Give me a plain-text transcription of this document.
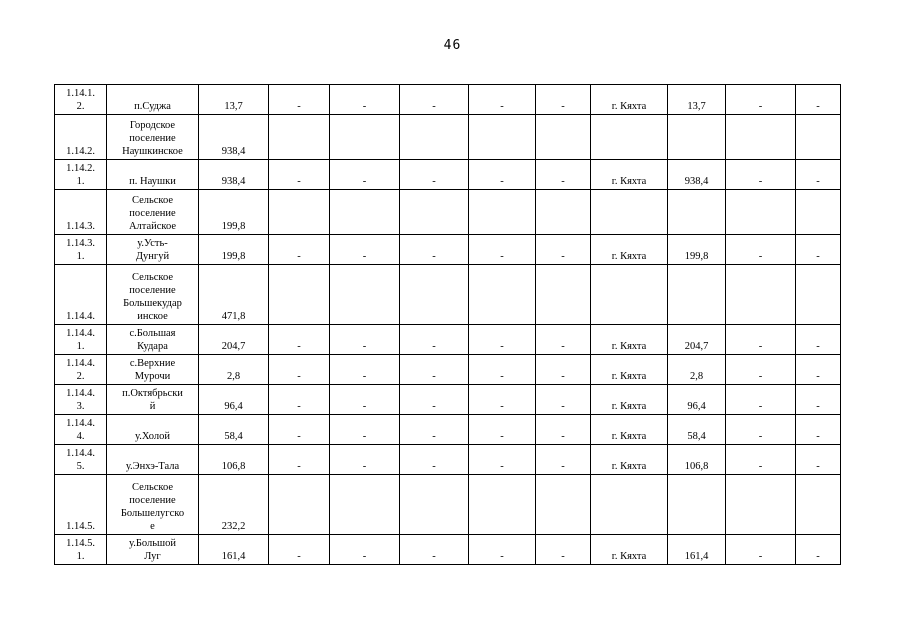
46
1.14.1.
2.	п.Суджа	13,7	-	-	-	-	-	г. Кяхта	13,7	-	-
1.14.2.	Городское
поселение
Наушкинское	938,4									
1.14.2.
1.	п. Наушки	938,4	-	-	-	-	-	г. Кяхта	938,4	-	-
1.14.3.	Сельское
поселение
Алтайское	199,8									
1.14.3.
1.	у.Усть-
Дунгуй	199,8	-	-	-	-	-	г. Кяхта	199,8	-	-
1.14.4.	Сельское
поселение
Большекудар
инское	471,8									
1.14.4.
1.	с.Большая
Кудара	204,7	-	-	-	-	-	г. Кяхта	204,7	-	-
1.14.4.
2.	с.Верхние
Мурочи	2,8	-	-	-	-	-	г. Кяхта	2,8	-	-
1.14.4.
3.	п.Октябрьски
й	96,4	-	-	-	-	-	г. Кяхта	96,4	-	-
1.14.4.
4.	у.Холой	58,4	-	-	-	-	-	г. Кяхта	58,4	-	-
1.14.4.
5.	у.Энхэ-Тала	106,8	-	-	-	-	-	г. Кяхта	106,8	-	-
1.14.5.	Сельское
поселение
Большелугско
е	232,2									
1.14.5.
1.	у.Большой
Луг	161,4	-	-	-	-	-	г. Кяхта	161,4	-	-
